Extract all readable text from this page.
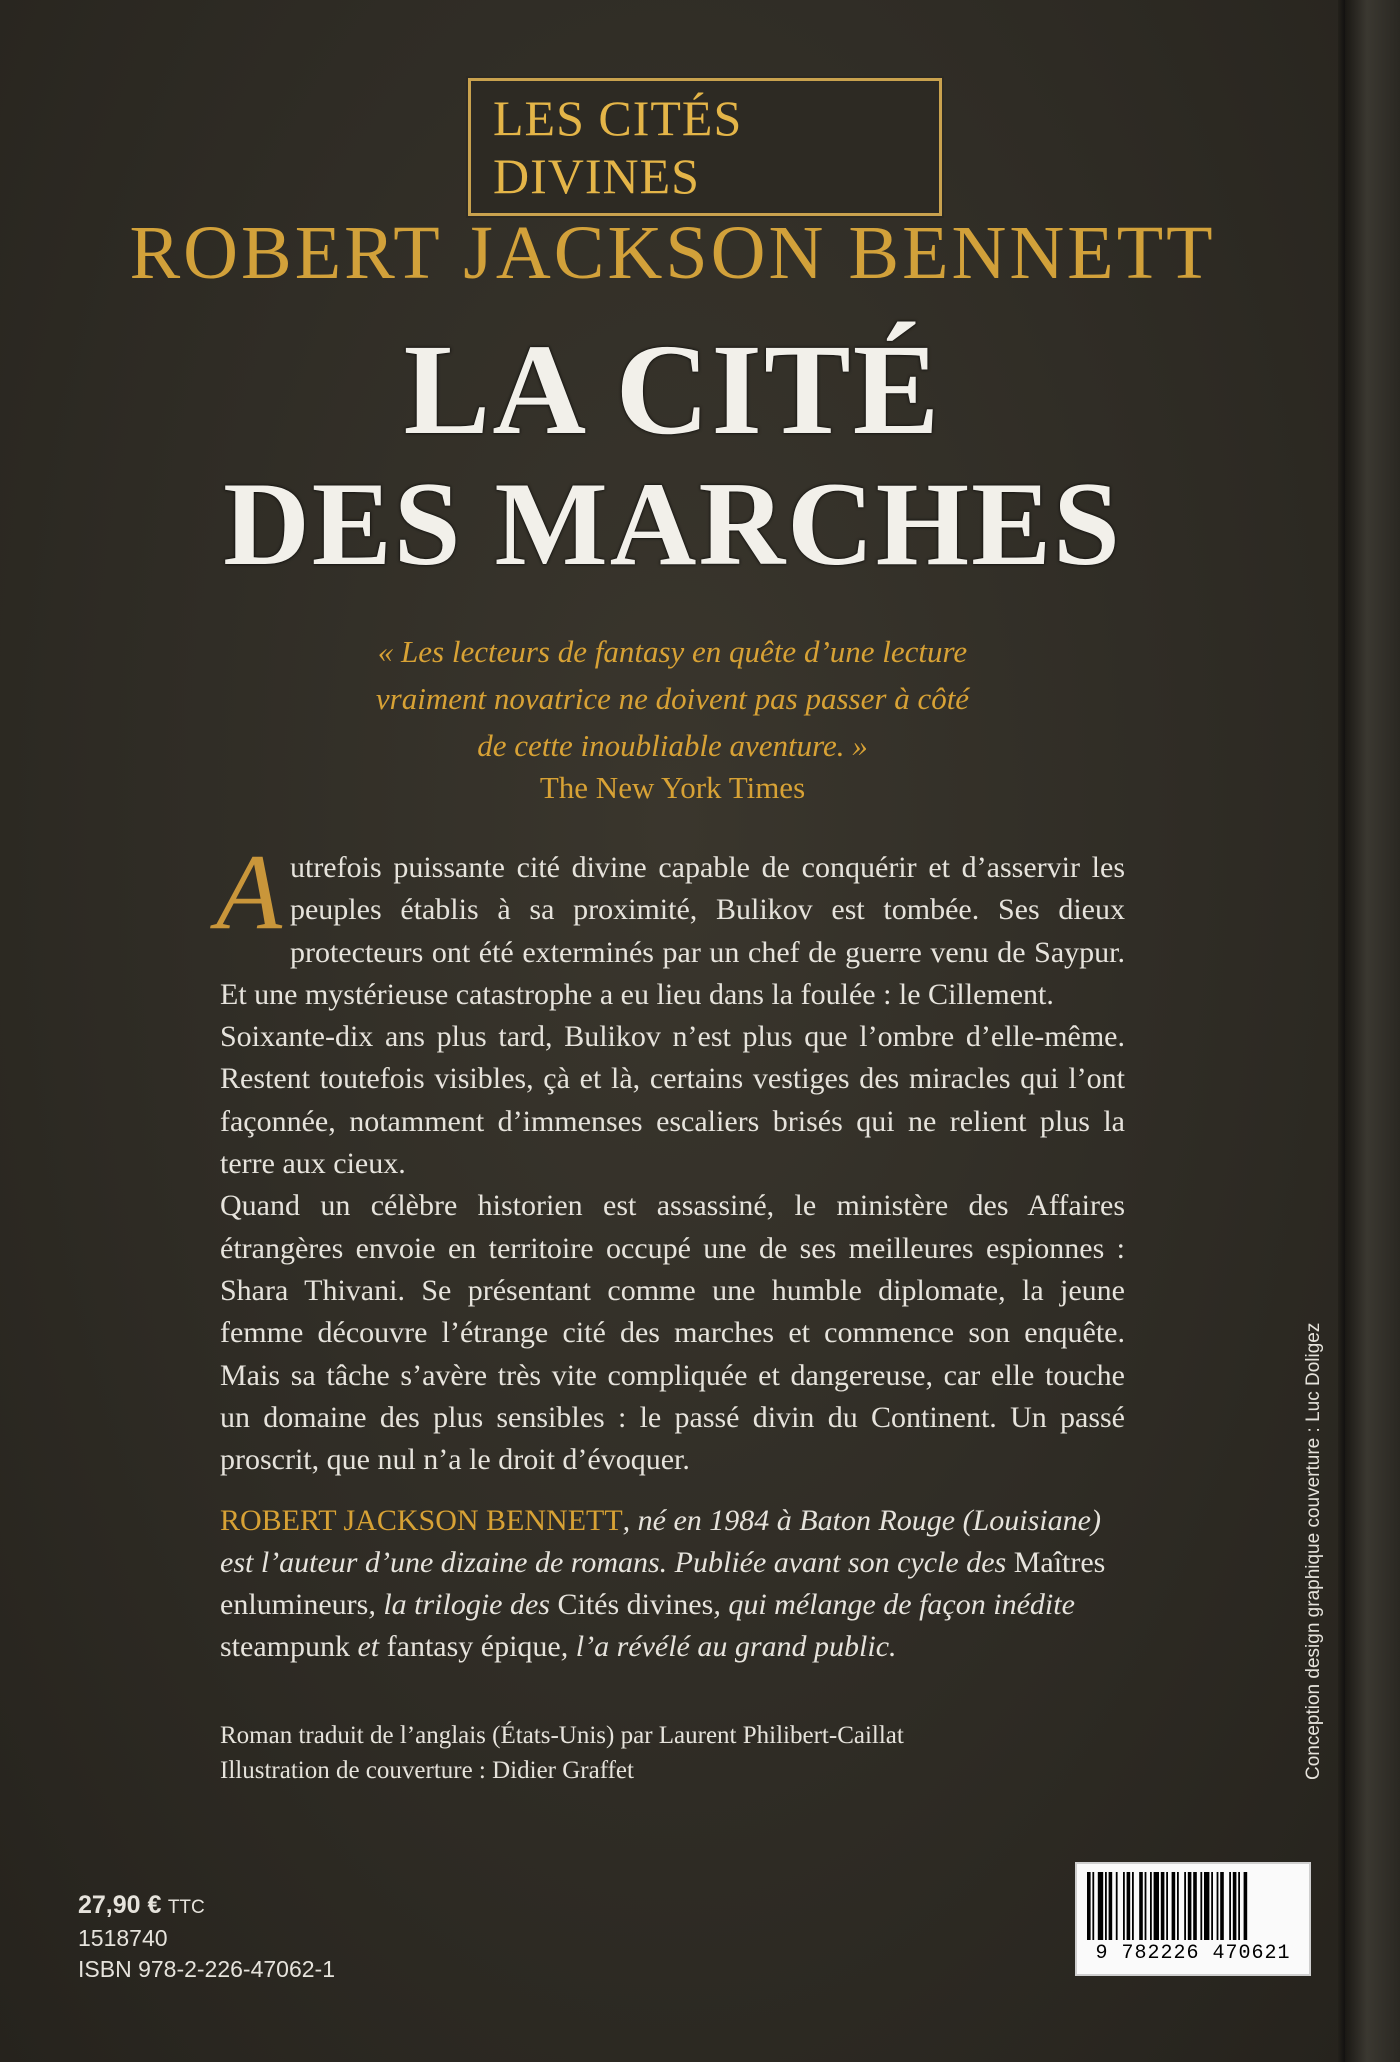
LES CITÉS DIVINES
ROBERT JACKSON BENNETT
LA CITÉ
DES MARCHES
« Les lecteurs de fantasy en quête d’une lecture
vraiment novatrice ne doivent pas passer à côté
de cette inoubliable aventure. »
The New York Times

Autrefois puissante cité divine capable de conquérir et d’asservir les peuples établis à sa proximité, Bulikov est tombée. Ses dieux protecteurs ont été exterminés par un chef de guerre venu de Saypur. Et une mystérieuse catastrophe a eu lieu dans la foulée : le Cillement.

Soixante-dix ans plus tard, Bulikov n’est plus que l’ombre d’elle-même. Restent toutefois visibles, çà et là, certains vestiges des miracles qui l’ont façonnée, notamment d’immenses escaliers brisés qui ne relient plus la terre aux cieux.

Quand un célèbre historien est assassiné, le ministère des Affaires étrangères envoie en territoire occupé une de ses meilleures espionnes : Shara Thivani. Se présentant comme une humble diplomate, la jeune femme découvre l’étrange cité des marches et commence son enquête. Mais sa tâche s’avère très vite compliquée et dangereuse, car elle touche un domaine des plus sensibles : le passé divin du Continent. Un passé proscrit, que nul n’a le droit d’évoquer.

ROBERT JACKSON BENNETT, né en 1984 à Baton Rouge (Louisiane) est l’auteur d’une dizaine de romans. Publiée avant son cycle des Maîtres enlumineurs, la trilogie des Cités divines, qui mélange de façon inédite steampunk et fantasy épique, l’a révélé au grand public.
Roman traduit de l’anglais (États-Unis) par Laurent Philibert-Caillat
Illustration de couverture : Didier Graffet
27,90 € TTC
1518740
ISBN 978-2-226-47062-1
Conception design graphique couverture : Luc Doligez
9 782226 470621
